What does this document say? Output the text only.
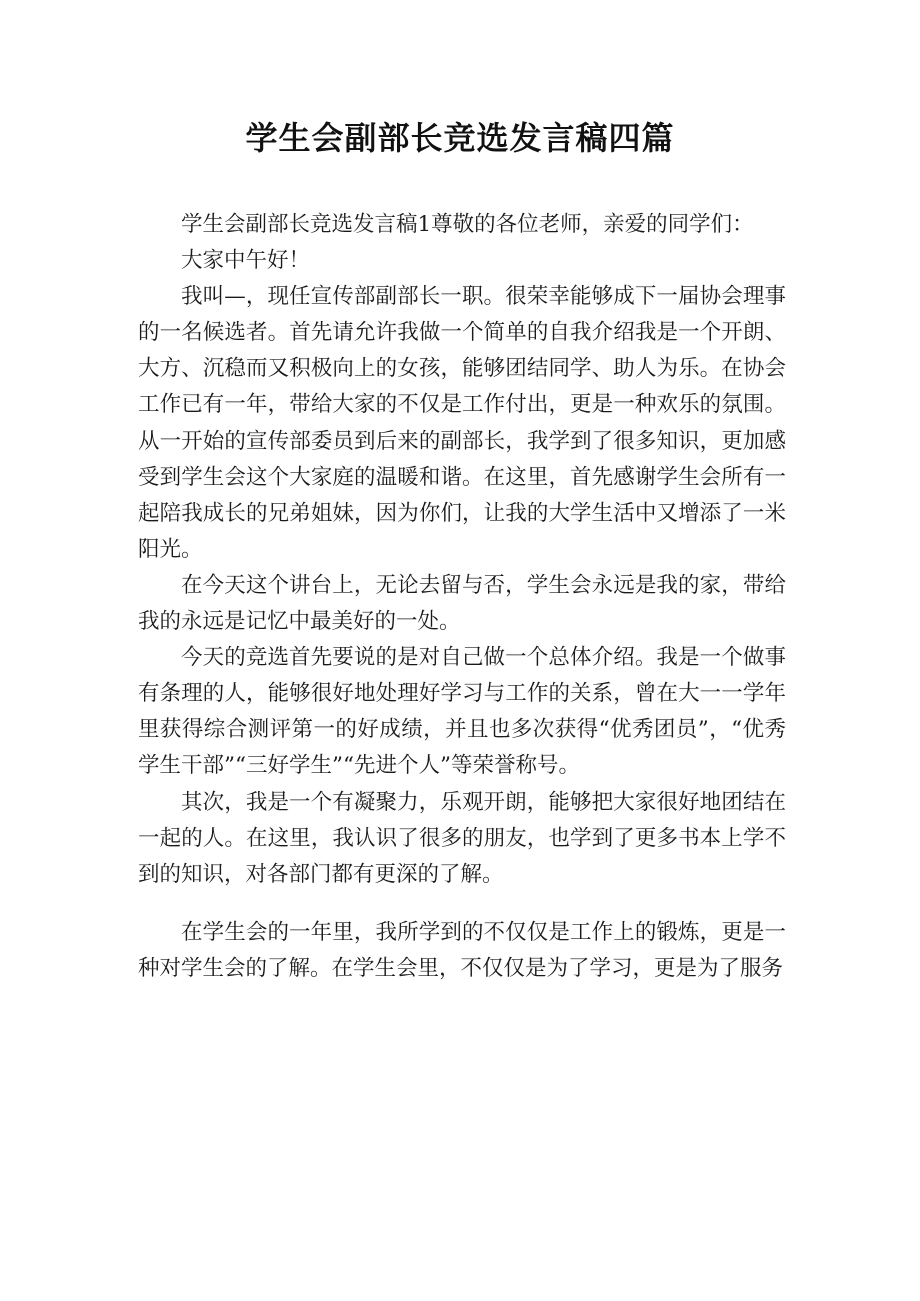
学生会副部长竞选发言稿四篇

学生会副部长竞选发言稿1尊敬的各位老师，亲爱的同学们：

大家中午好！

我叫—，现任宣传部副部长一职。很荣幸能够成下一届协会理事的一名候选者。首先请允许我做一个简单的自我介绍我是一个开朗、大方、沉稳而又积极向上的女孩，能够团结同学、助人为乐。在协会工作已有一年，带给大家的不仅是工作付出，更是一种欢乐的氛围。从一开始的宣传部委员到后来的副部长，我学到了很多知识，更加感受到学生会这个大家庭的温暖和谐。在这里，首先感谢学生会所有一起陪我成长的兄弟姐妹，因为你们，让我的大学生活中又增添了一米阳光。

在今天这个讲台上，无论去留与否，学生会永远是我的家，带给我的永远是记忆中最美好的一处。

今天的竞选首先要说的是对自己做一个总体介绍。我是一个做事有条理的人，能够很好地处理好学习与工作的关系，曾在大一一学年里获得综合测评第一的好成绩，并且也多次获得“优秀团员”，“优秀学生干部”“三好学生”“先进个人”等荣誉称号。

其次，我是一个有凝聚力，乐观开朗，能够把大家很好地团结在一起的人。在这里，我认识了很多的朋友，也学到了更多书本上学不到的知识，对各部门都有更深的了解。

在学生会的一年里，我所学到的不仅仅是工作上的锻炼，更是一种对学生会的了解。在学生会里，不仅仅是为了学习，更是为了服务
